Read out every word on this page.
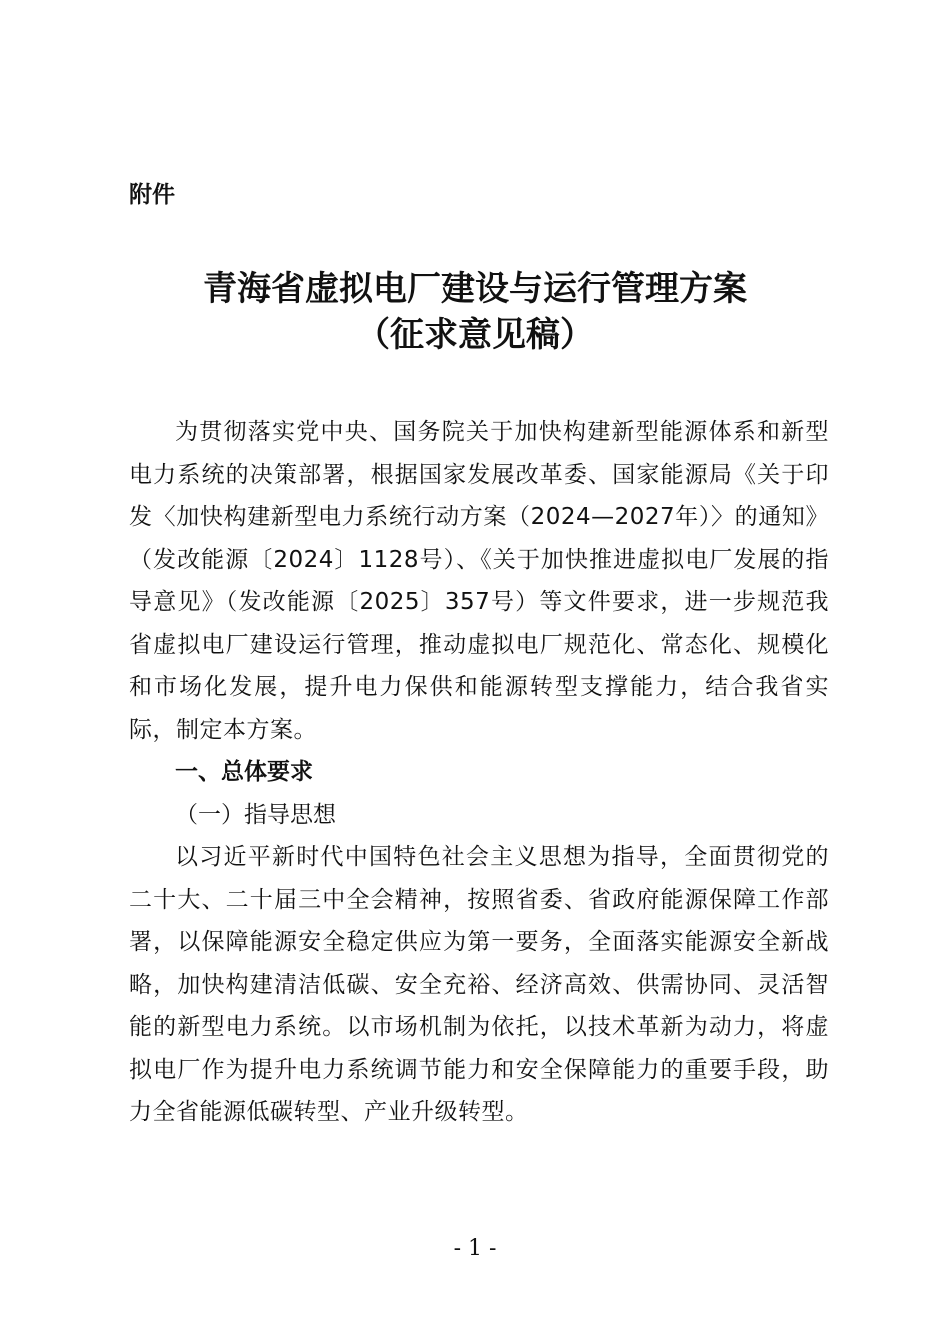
附件
青海省虚拟电厂建设与运行管理方案
（征求意见稿）

为贯彻落实党中央、国务院关于加快构建新型能源体系和新型电力系统的决策部署，根据国家发展改革委、国家能源局《关于印发〈加快构建新型电力系统行动方案（2024—2027年）〉的通知》（发改能源〔2024〕1128号）、《关于加快推进虚拟电厂发展的指导意见》（发改能源〔2025〕357号）等文件要求，进一步规范我省虚拟电厂建设运行管理，推动虚拟电厂规范化、常态化、规模化和市场化发展，提升电力保供和能源转型支撑能力，结合我省实际，制定本方案。

一、总体要求

（一）指导思想

以习近平新时代中国特色社会主义思想为指导，全面贯彻党的二十大、二十届三中全会精神，按照省委、省政府能源保障工作部署，以保障能源安全稳定供应为第一要务，全面落实能源安全新战略，加快构建清洁低碳、安全充裕、经济高效、供需协同、灵活智能的新型电力系统。以市场机制为依托，以技术革新为动力，将虚拟电厂作为提升电力系统调节能力和安全保障能力的重要手段，助力全省能源低碳转型、产业升级转型。

- 1 -
